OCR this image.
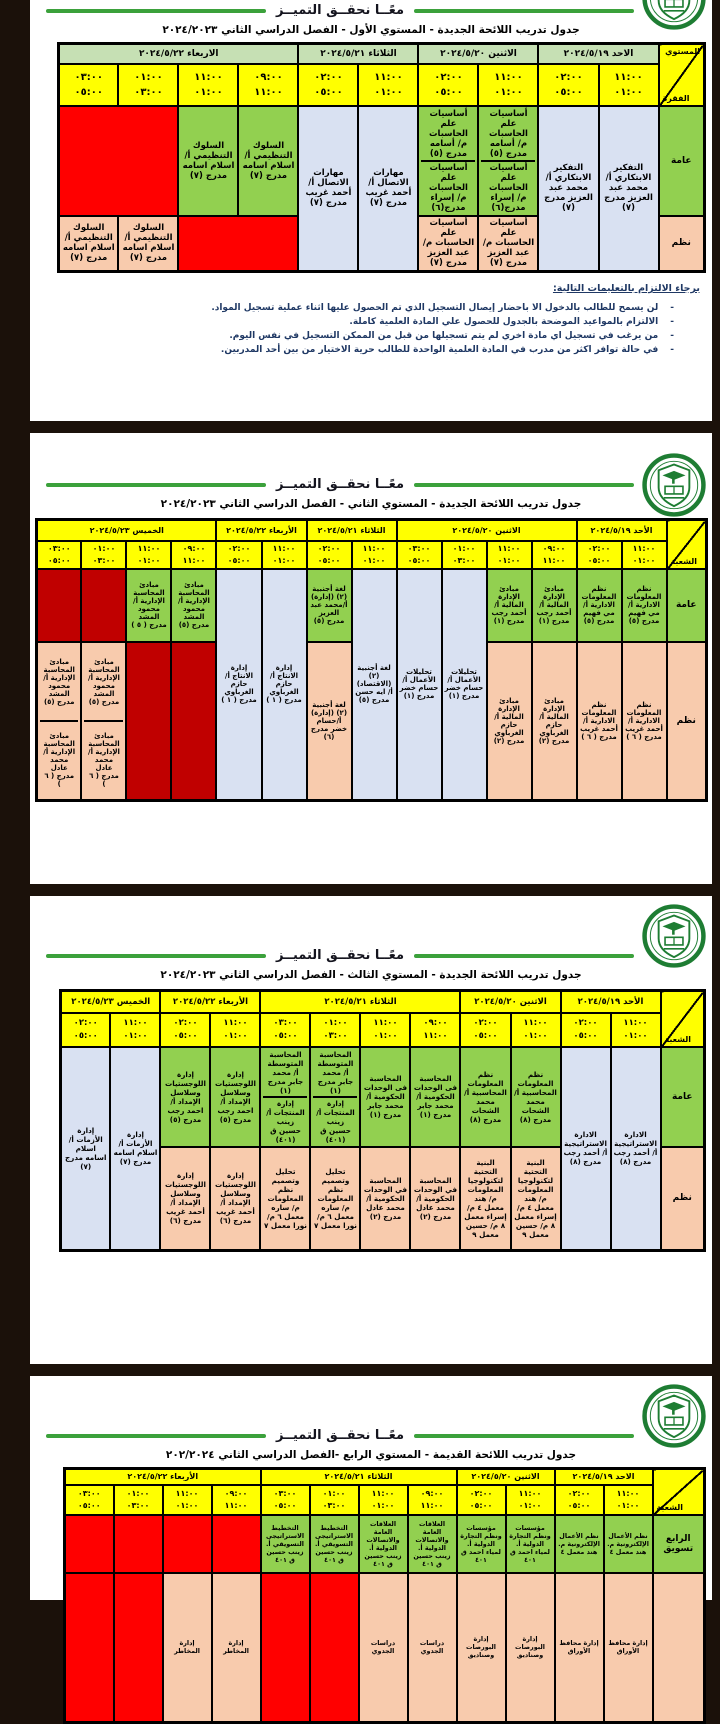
معًــا نحقــق التميــز
جدول تدريب اللائحة الجديدة - المستوي الأول - الفصل الدراسي الثاني ٢٠٢٤/٢٠٢٣
المستوي
الفقرة	الاحد ٢٠٢٤/٥/١٩		الاثنين ٢٠٢٤/٥/٢٠		الثلاثاء ٢٠٢٤/٥/٢١		الاربعاء ٢٠٢٤/٥/٢٢			

١١:٠٠
٠١:٠٠

٠٢:٠٠
٠٥:٠٠

١١:٠٠
٠١:٠٠

٠٢:٠٠
٠٥:٠٠

١١:٠٠
٠١:٠٠

٠٢:٠٠
٠٥:٠٠

٠٩:٠٠
١١:٠٠

١١:٠٠
٠١:٠٠

٠١:٠٠
٠٣:٠٠

٠٣:٠٠
٠٥:٠٠

عامة	التفكير الابتكاري أ/ محمد عبد العزيز مدرج (٧)	التفكير الابتكاري أ/ محمد عبد العزيز مدرج (٧)	
أساسيات علم الحاسبات م/ أسامه مدرج (٥)
أساسيات علم الحاسبات م/ إسراء مدرج(٦)

أساسيات علم الحاسبات م/ أسامه مدرج (٥)
أساسيات علم الحاسبات م/ إسراء مدرج(٦)
	مهارات الاتصال أ/أحمد غريب مدرج (٧)	مهارات الاتصال أ/أحمد غريب مدرج (٧)	السلوك التنظيمي أ/ اسلام اسامه مدرج (٧)	السلوك التنظيمي أ/ اسلام اسامه مدرج (٧)	
نظم			أساسيات علم الحاسبات م/عبد العزيز مدرج (٧)	أساسيات علم الحاسبات م/عبد العزيز مدرج (٧)					السلوك التنظيمي أ/ اسلام اسامه مدرج (٧)	السلوك التنظيمي أ/ اسلام اسامه مدرج (٧)
برجاء الالتزام بالتعليمات التالية:
- لن يسمح للطالب بالدخول الا باحضار إيصال التسجيل الذي تم الحصول عليها اثناء عملية تسجيل المواد.
- الالتزام بالمواعيد الموضحة بالجدول للحصول علي المادة العلمية كاملة.
- من يرغب في تسجيل اي مادة اخري لم يتم تسجيلها من قبل من الممكن التسجيل في نفس اليوم.
- في حالة توافر اكثر من مدرب في المادة العلمية الواحدة للطالب حرية الاختيار من بين أحد المدربين.
معًــا نحقــق التميــز
جدول تدريب اللائحة الجديدة - المستوي الثاني - الفصل الدراسي الثاني ٢٠٢٤/٢٠٢٣
الشعبة	الأحد ٢٠٢٤/٥/١٩		الاثنين ٢٠٢٤/٥/٢٠				الثلاثاء ٢٠٢٤/٥/٢١		الأربعاء ٢٠٢٤/٥/٢٢		الخميس ٢٠٢٤/٥/٢٣			

١١:٠٠
٠١:٠٠

٠٢:٠٠
٠٥:٠٠

٠٩:٠٠
١١:٠٠

١١:٠٠
٠١:٠٠

٠١:٠٠
٠٣:٠٠

٠٣:٠٠
٠٥:٠٠

١١:٠٠
٠١:٠٠

٠٢:٠٠
٠٥:٠٠

١١:٠٠
٠١:٠٠

٠٢:٠٠
٠٥:٠٠

٠٩:٠٠
١١:٠٠

١١:٠٠
٠١:٠٠

٠١:٠٠
٠٣:٠٠

٠٣:٠٠
٠٥:٠٠

عامة	نظم المعلومات الادارية أ/ مي فهيم مدرج (٥)	نظم المعلومات الادارية أ/ مي فهيم مدرج (٥)	مبادئ الإدارة المالية أ/ أحمد رجب مدرج (١)	مبادئ الإدارة المالية أ/ أحمد رجب مدرج (١)	تحليلات الأعمال أ/ حسام خضر مدرج (١)	تحليلات الأعمال أ/ حسام خضر مدرج (١)	لغة أجنبية (٢) (الاقتصاد) أ/ ايه حسن مدرج (٥)	لغة أجنبية (٢) (إدارة) أ/محمد عبد العزيز مدرج (٥)	إدارة الانتاج أ/ حازم الغرباوي مدرج ( ١ )	إدارة الانتاج أ/ حازم الغرباوي مدرج ( ١ )	مبادئ المحاسبة الإدارية أ/ محمود المشد مدرج (٥)	مبادئ المحاسبة الإدارية أ/ محمود المشد مدرج ( ٥ )		
نظم	نظم المعلومات الادارية أ/ أحمد غريب مدرج ( ٦ )	نظم المعلومات الادارية أ/ أحمد غريب مدرج ( ٦ )	مبادئ الإدارة المالية أ/ حازم الغرباوي مدرج (٢)	مبادئ الإدارة المالية أ/ حازم الغرباوي مدرج (٢)	لغة أجنبية (٢) (إدارة) أ/حسام خضر مدرج (٦)			
مبادئ المحاسبة الإدارية أ/ محمود المشد مدرج (٥)
مبادئ المحاسبة الإدارية أ/ محمد عادل مدرج ( ٦ )

مبادئ المحاسبة الإدارية أ/ محمود المشد مدرج (٥)
مبادئ المحاسبة الإدارية أ/ محمد عادل مدرج ( ٦ )
معًــا نحقــق التميــز
جدول تدريب اللائحة الجديدة - المستوي الثالث - الفصل الدراسي الثاني ٢٠٢٤/٢٠٢٣
الشعبة	الأحد ٢٠٢٤/٥/١٩		الاثنين ٢٠٢٤/٥/٢٠		الثلاثاء ٢٠٢٤/٥/٢١				الأربعاء ٢٠٢٤/٥/٢٢		الخميس ٢٠٢٤/٥/٢٣	

١١:٠٠
٠١:٠٠

٠٢:٠٠
٠٥:٠٠

١١:٠٠
٠١:٠٠

٠٢:٠٠
٠٥:٠٠

٠٩:٠٠
١١:٠٠

١١:٠٠
٠١:٠٠

٠١:٠٠
٠٣:٠٠

٠٣:٠٠
٠٥:٠٠

١١:٠٠
٠١:٠٠

٠٢:٠٠
٠٥:٠٠

١١:٠٠
٠١:٠٠

٠٢:٠٠
٠٥:٠٠

عامة	الادارة الاستراتيجية أ/ أحمد رجب مدرج (٨)	الادارة الاستراتيجية أ/ أحمد رجب مدرج (٨)	نظم المعلومات المحاسبية أ/ محمد الشحات مدرج (٨)	نظم المعلومات المحاسبية أ/ محمد الشحات مدرج (٨)	المحاسبة فى الوحدات الحكومية أ/ محمد جابر مدرج (١)	المحاسبة فى الوحدات الحكومية أ/ محمد جابر مدرج (١)	
المحاسبة المتوسطة أ/ محمد جابر مدرج (١)
إدارة المنتجات أ/ زينب حسين ق (٤٠١)

المحاسبة المتوسطة أ/ محمد جابر مدرج (١)
إدارة المنتجات أ/ زينب حسين ق (٤٠١)
	إدارة اللوجستيات وسلاسل الإمداد أ/ احمد رجب مدرج (٥)	إدارة اللوجستيات وسلاسل الإمداد أ/ احمد رجب مدرج (٥)	إدارة الأزمات أ/ اسلام اسامه مدرج (٧)	إدارة الأزمات أ/ اسلام اسامه مدرج (٧)
نظم			البنية التحتية لتكنولوجيا المعلومات م/ هند معمل ٤ م/ إسراء معمل ٨ م/ حسين معمل ٩	البنية التحتية لتكنولوجيا المعلومات م/ هند معمل ٤ م/ إسراء معمل ٨ م/ حسين معمل ٩	المحاسبة في الوحدات الحكومية أ/ محمد عادل مدرج (٢)	المحاسبة في الوحدات الحكومية أ/ محمد عادل مدرج (٢)	تحليل وتصميم نظم المعلومات م/ ساره معمل ٦ م/ نورا معمل ٧	تحليل وتصميم نظم المعلومات م/ ساره معمل ٦ م/ نورا معمل ٧	إدارة اللوجستيات وسلاسل الإمداد أ/ أحمد غريب مدرج (٦)	إدارة اللوجستيات وسلاسل الإمداد أ/ أحمد غريب مدرج (٦)		
معًــا نحقــق التميــز
جدول تدريب اللائحة القديمة - المستوي الرابع -الفصل الدراسي الثاني ٢٠٢/٢٠٢٤
الشعبة	الاحد ٢٠٢٤/٥/١٩		الاثنين ٢٠٢٤/٥/٢٠		الثلاثاء ٢٠٢٤/٥/٢١				الأربعاء ٢٠٢٤/٥/٢٢			

١١:٠٠
٠١:٠٠

٠٢:٠٠
٠٥:٠٠

١١:٠٠
٠١:٠٠

٠٢:٠٠
٠٥:٠٠

٠٩:٠٠
١١:٠٠

١١:٠٠
٠١:٠٠

٠١:٠٠
٠٣:٠٠

٠٣:٠٠
٠٥:٠٠

٠٩:٠٠
١١:٠٠

١١:٠٠
٠١:٠٠

٠١:٠٠
٠٣:٠٠

٠٣:٠٠
٠٥:٠٠

الرابع تسويق	نظم الأعمال الإلكترونية م. هند معمل ٤	نظم الأعمال الإلكترونية م. هند معمل ٤	مؤسسات ونظم التجارة الدولية أ. لمياء احمد ق ٤٠١	مؤسسات ونظم التجارة الدولية أ. لمياء احمد ق ٤٠١	العلاقات العامة والاتصالات الدولية أ. زينب حسين ق ٤٠١	العلاقات العامة والاتصالات الدولية أ. زينب حسين ق ٤٠١	التخطيط الاستراتيجى التسويقي أ. زينب حسين ق ٤٠١	التخطيط الاستراتيجى التسويقي أ. زينب حسين ق ٤٠١				
	إدارة محافظ الأوراق	إدارة محافظ الأوراق	إدارة البورصات وصناديق	إدارة البورصات وصناديق	دراسات الجدوي	دراسات الجدوي			إدارة المخاطر	إدارة المخاطر		
